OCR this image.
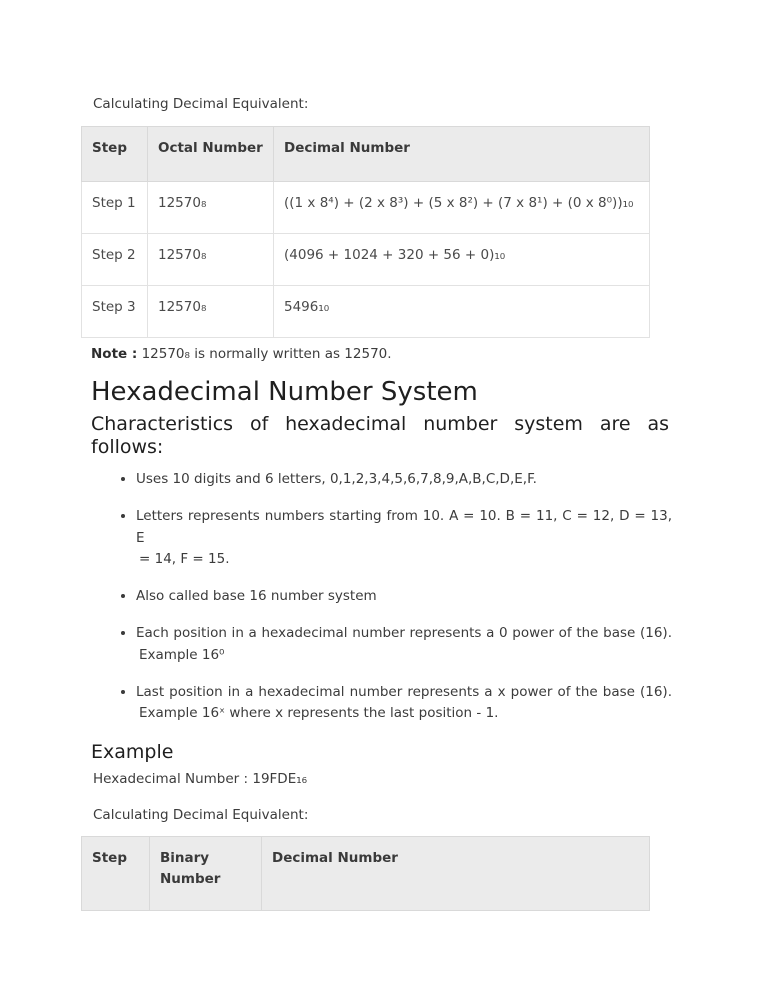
Calculating Decimal Equivalent:

Step	Octal Number	Decimal Number
Step 1	12570₈	((1 x 8⁴) + (2 x 8³) + (5 x 8²) + (7 x 8¹) + (0 x 8⁰))₁₀
Step 2	12570₈	(4096 + 1024 + 320 + 56 + 0)₁₀
Step 3	12570₈	5496₁₀

Note : 12570₈ is normally written as 12570.

Hexadecimal Number System
Characteristics of hexadecimal number system are as
follows:
• Uses 10 digits and 6 letters, 0,1,2,3,4,5,6,7,8,9,A,B,C,D,E,F.
• Letters represents numbers starting from 10. A = 10. B = 11, C = 12, D = 13, E
= 14, F = 15.
• Also called base 16 number system
• Each position in a hexadecimal number represents a 0 power of the base (16).
Example 16⁰
• Last position in a hexadecimal number represents a x power of the base (16).
Example 16ˣ where x represents the last position - 1.
Example

Hexadecimal Number : 19FDE₁₆

Calculating Decimal Equivalent:

Step	Binary Number	Decimal Number
